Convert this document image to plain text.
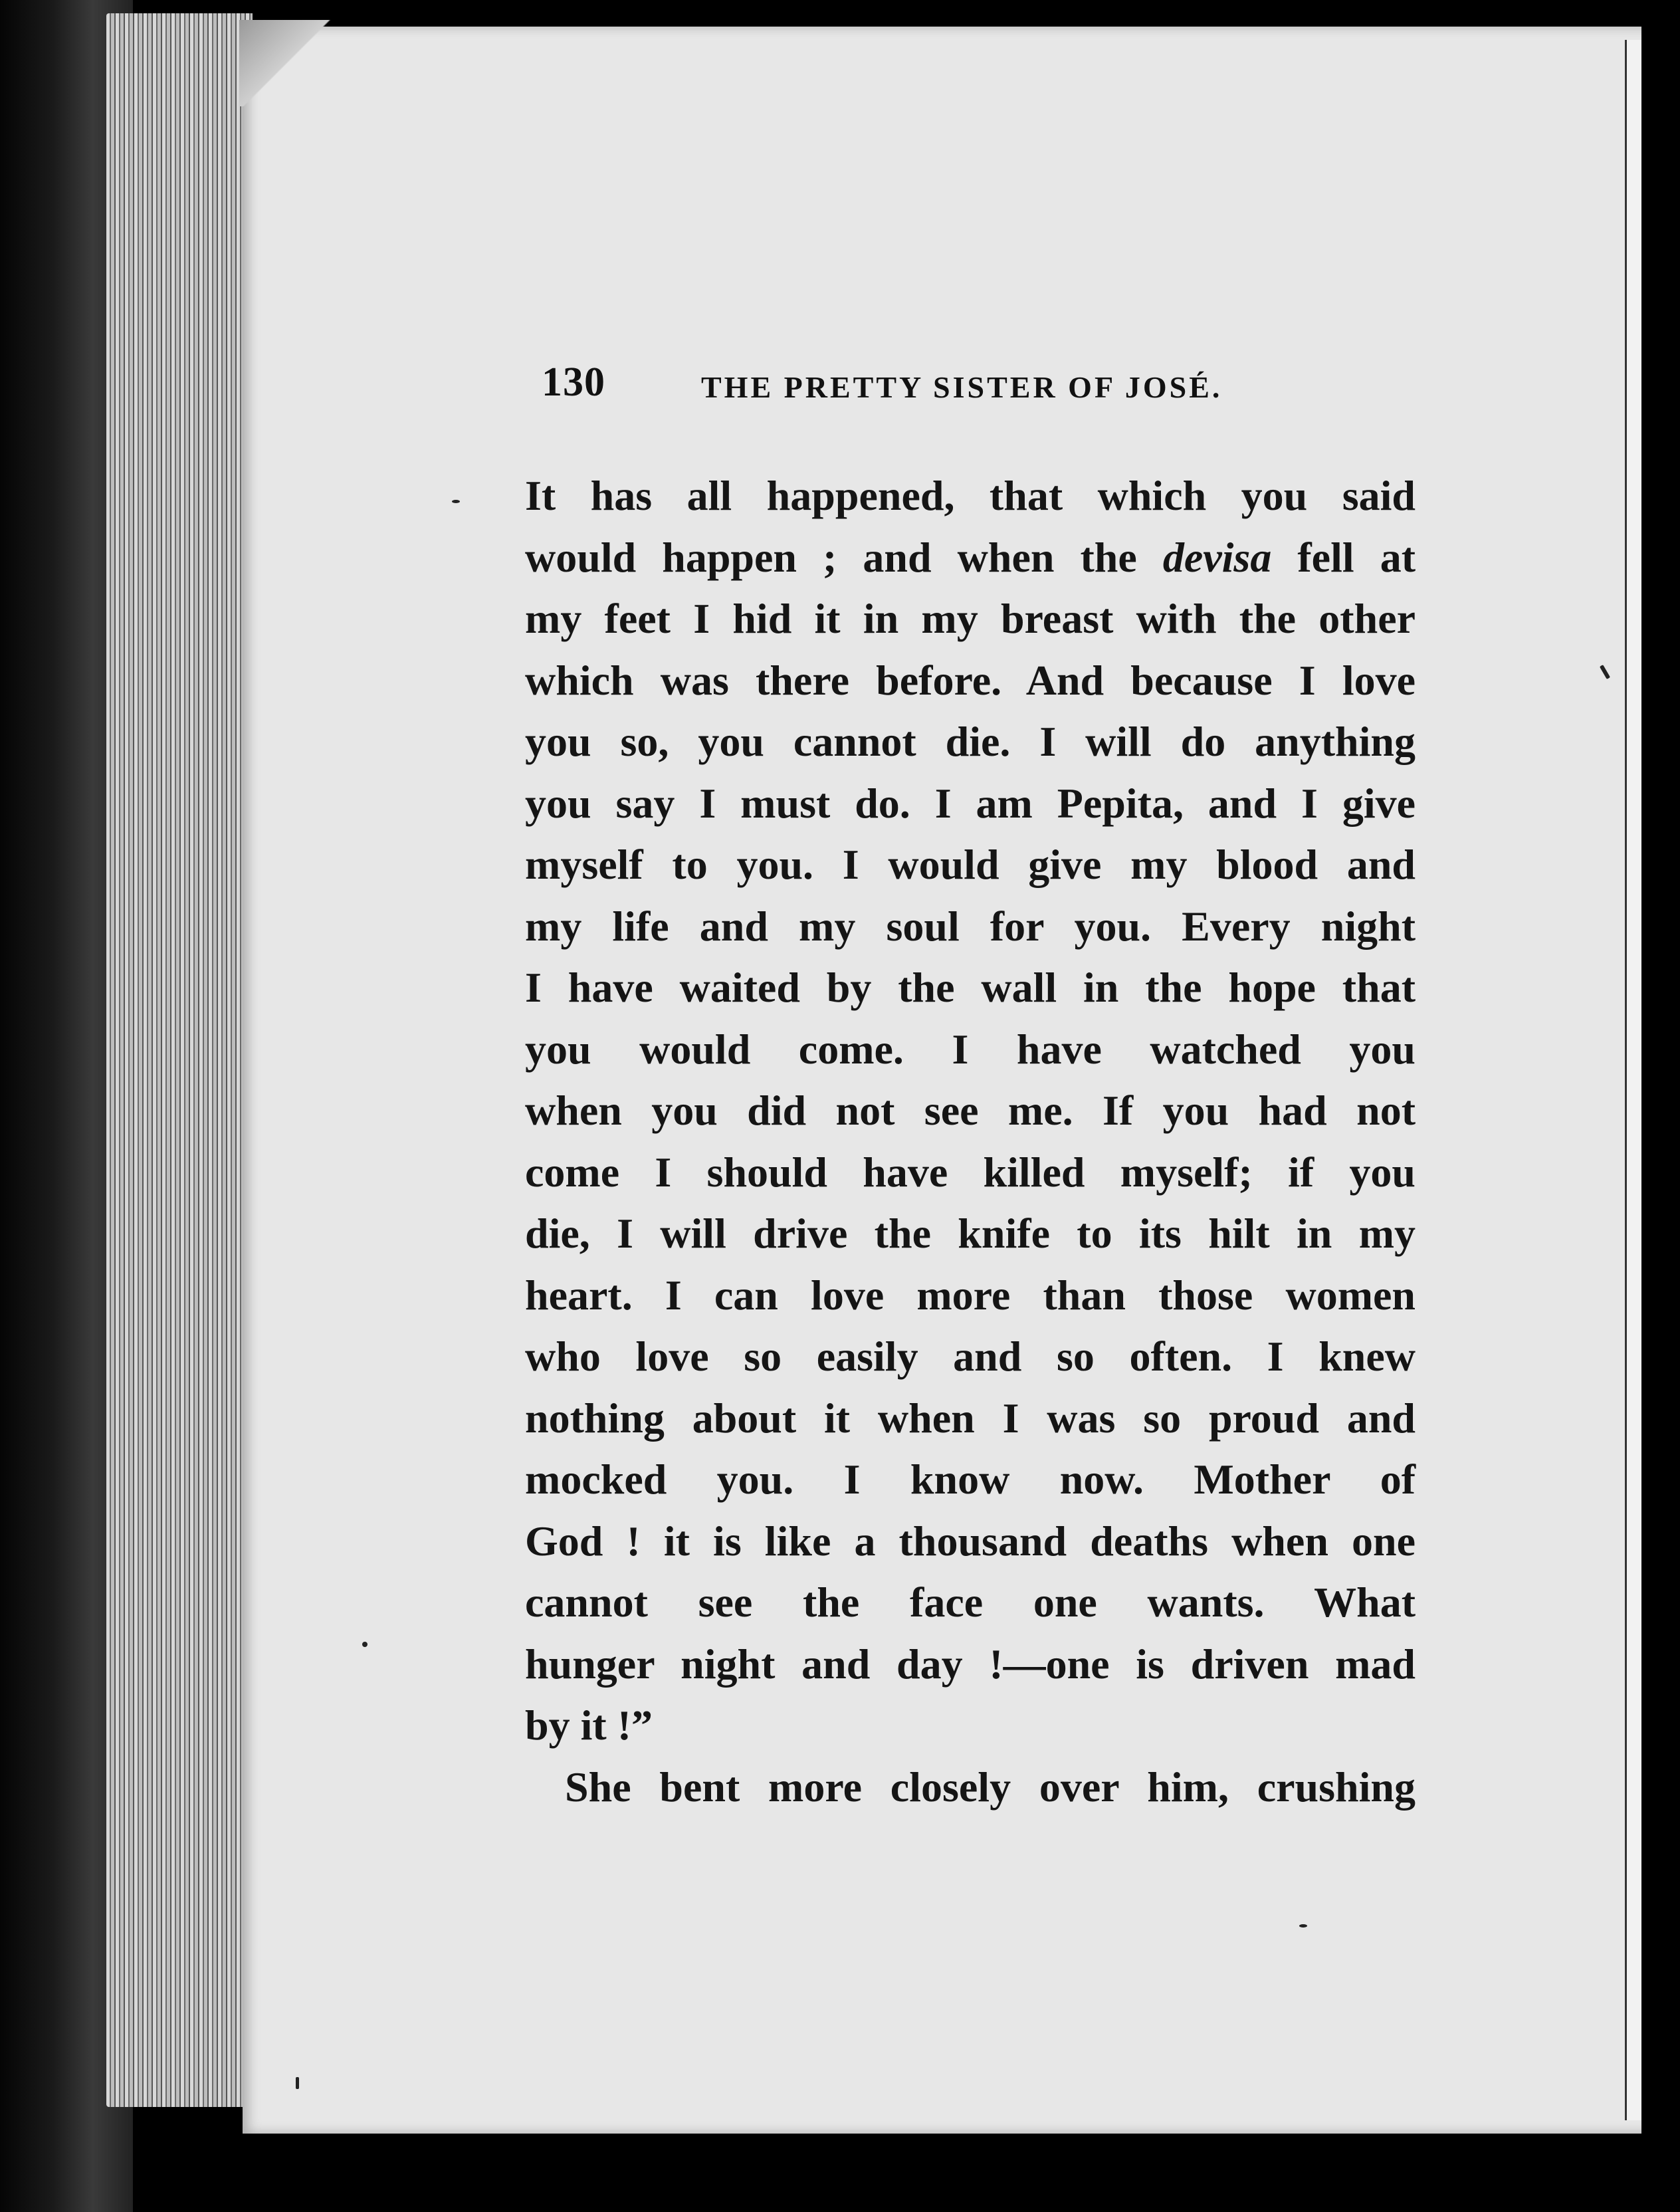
130	THE PRETTY SISTER OF JOSÉ.
It has all happened, that which you said
would happen ; and when the devisa fell at
my feet I hid it in my breast with the other
which was there before. And because I love
you so, you cannot die. I will do anything
you say I must do. I am Pepita, and I give
myself to you. I would give my blood and
my life and my soul for you. Every night
I have waited by the wall in the hope that
you would come. I have watched you
when you did not see me. If you had not
come I should have killed myself; if you
die, I will drive the knife to its hilt in my
heart. I can love more than those women
who love so easily and so often. I knew
nothing about it when I was so proud and
mocked you. I know now. Mother of
God ! it is like a thousand deaths when one
cannot see the face one wants. What
hunger night and day !—one is driven mad
by it !”
She bent more closely over him, crushing
